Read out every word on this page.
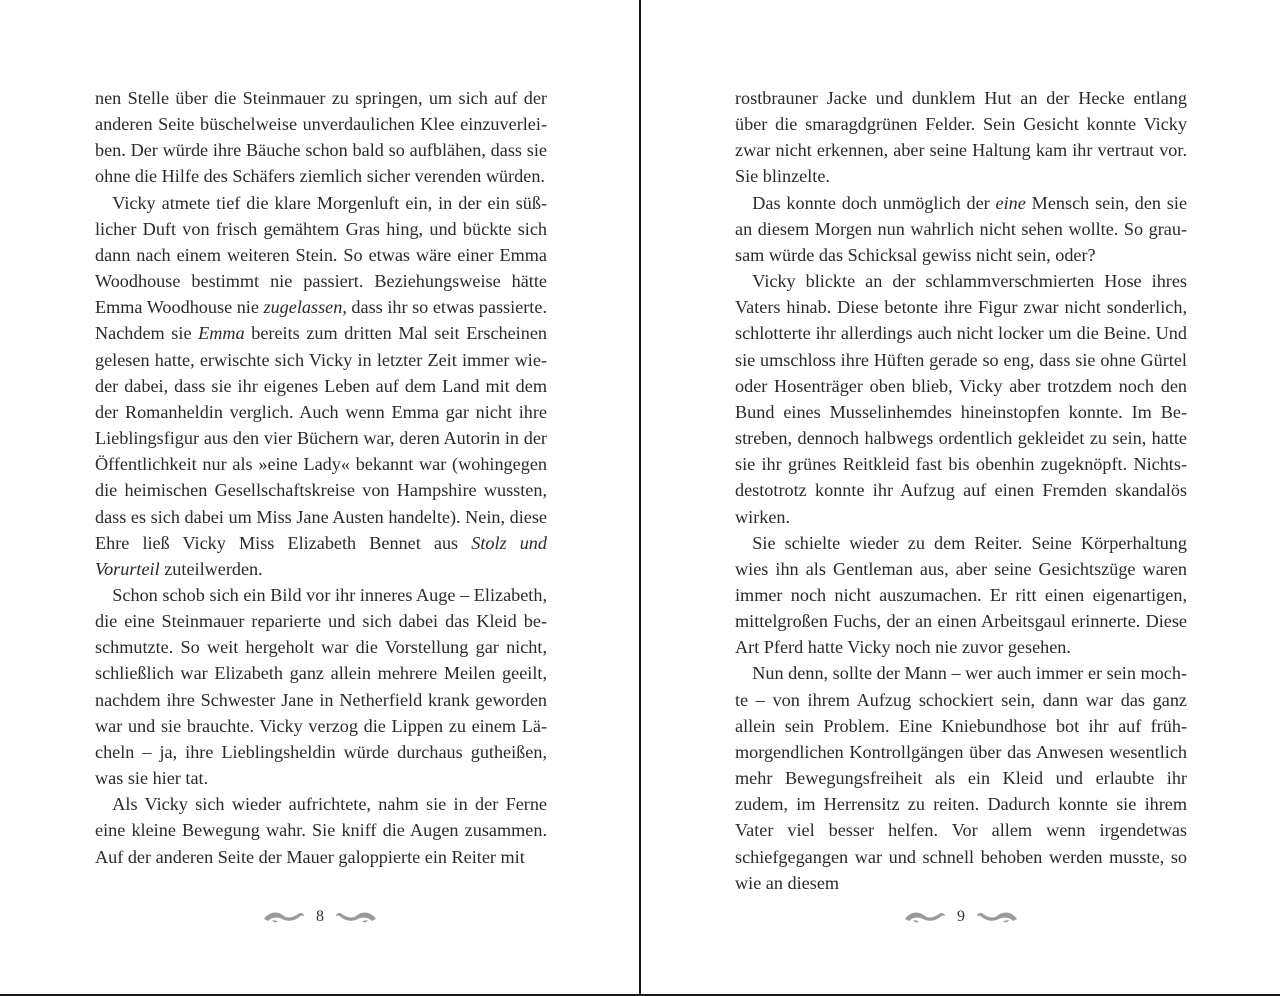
nen Stelle über die Steinmauer zu springen, um sich auf der anderen Seite büschelweise unverdaulichen Klee einzuverleiben. Der würde ihre Bäuche schon bald so aufblähen, dass sie ohne die Hilfe des Schäfers ziemlich sicher verenden würden.

Vicky atmete tief die klare Morgenluft ein, in der ein süßlicher Duft von frisch gemähtem Gras hing, und bückte sich dann nach einem weiteren Stein. So etwas wäre einer Emma Woodhouse bestimmt nie passiert. Beziehungsweise hätte Emma Woodhouse nie zugelassen, dass ihr so etwas passierte. Nachdem sie Emma bereits zum dritten Mal seit Erscheinen gelesen hatte, erwischte sich Vicky in letzter Zeit immer wieder dabei, dass sie ihr eigenes Leben auf dem Land mit dem der Romanheldin verglich. Auch wenn Emma gar nicht ihre Lieblingsfigur aus den vier Büchern war, deren Autorin in der Öffentlichkeit nur als »eine Lady« bekannt war (wohingegen die heimischen Gesellschaftskreise von Hampshire wussten, dass es sich dabei um Miss Jane Austen handelte). Nein, diese Ehre ließ Vicky Miss Elizabeth Bennet aus Stolz und Vorurteil zuteilwerden.

Schon schob sich ein Bild vor ihr inneres Auge – Elizabeth, die eine Steinmauer reparierte und sich dabei das Kleid beschmutzte. So weit hergeholt war die Vorstellung gar nicht, schließlich war Elizabeth ganz allein mehrere Meilen geeilt, nachdem ihre Schwester Jane in Netherfield krank geworden war und sie brauchte. Vicky verzog die Lippen zu einem Lächeln – ja, ihre Lieblingsheldin würde durchaus gutheißen, was sie hier tat.

Als Vicky sich wieder aufrichtete, nahm sie in der Ferne eine kleine Bewegung wahr. Sie kniff die Augen zusammen. Auf der anderen Seite der Mauer galoppierte ein Reiter mit

8

rostbrauner Jacke und dunklem Hut an der Hecke entlang über die smaragdgrünen Felder. Sein Gesicht konnte Vicky zwar nicht erkennen, aber seine Haltung kam ihr vertraut vor. Sie blinzelte.

Das konnte doch unmöglich der eine Mensch sein, den sie an diesem Morgen nun wahrlich nicht sehen wollte. So grausam würde das Schicksal gewiss nicht sein, oder?

Vicky blickte an der schlammverschmierten Hose ihres Vaters hinab. Diese betonte ihre Figur zwar nicht sonderlich, schlotterte ihr allerdings auch nicht locker um die Beine. Und sie umschloss ihre Hüften gerade so eng, dass sie ohne Gürtel oder Hosenträger oben blieb, Vicky aber trotzdem noch den Bund eines Musselinhemdes hineinstopfen konnte. Im Bestreben, dennoch halbwegs ordentlich gekleidet zu sein, hatte sie ihr grünes Reitkleid fast bis obenhin zugeknöpft. Nichtsdestotrotz konnte ihr Aufzug auf einen Fremden skandalös wirken.

Sie schielte wieder zu dem Reiter. Seine Körperhaltung wies ihn als Gentleman aus, aber seine Gesichtszüge waren immer noch nicht auszumachen. Er ritt einen eigenartigen, mittelgroßen Fuchs, der an einen Arbeitsgaul erinnerte. Diese Art Pferd hatte Vicky noch nie zuvor gesehen.

Nun denn, sollte der Mann – wer auch immer er sein mochte – von ihrem Aufzug schockiert sein, dann war das ganz allein sein Problem. Eine Kniebundhose bot ihr auf frühmorgendlichen Kontrollgängen über das Anwesen wesentlich mehr Bewegungsfreiheit als ein Kleid und erlaubte ihr zudem, im Herrensitz zu reiten. Dadurch konnte sie ihrem Vater viel besser helfen. Vor allem wenn irgendetwas schiefgegangen war und schnell behoben werden musste, so wie an diesem

9
